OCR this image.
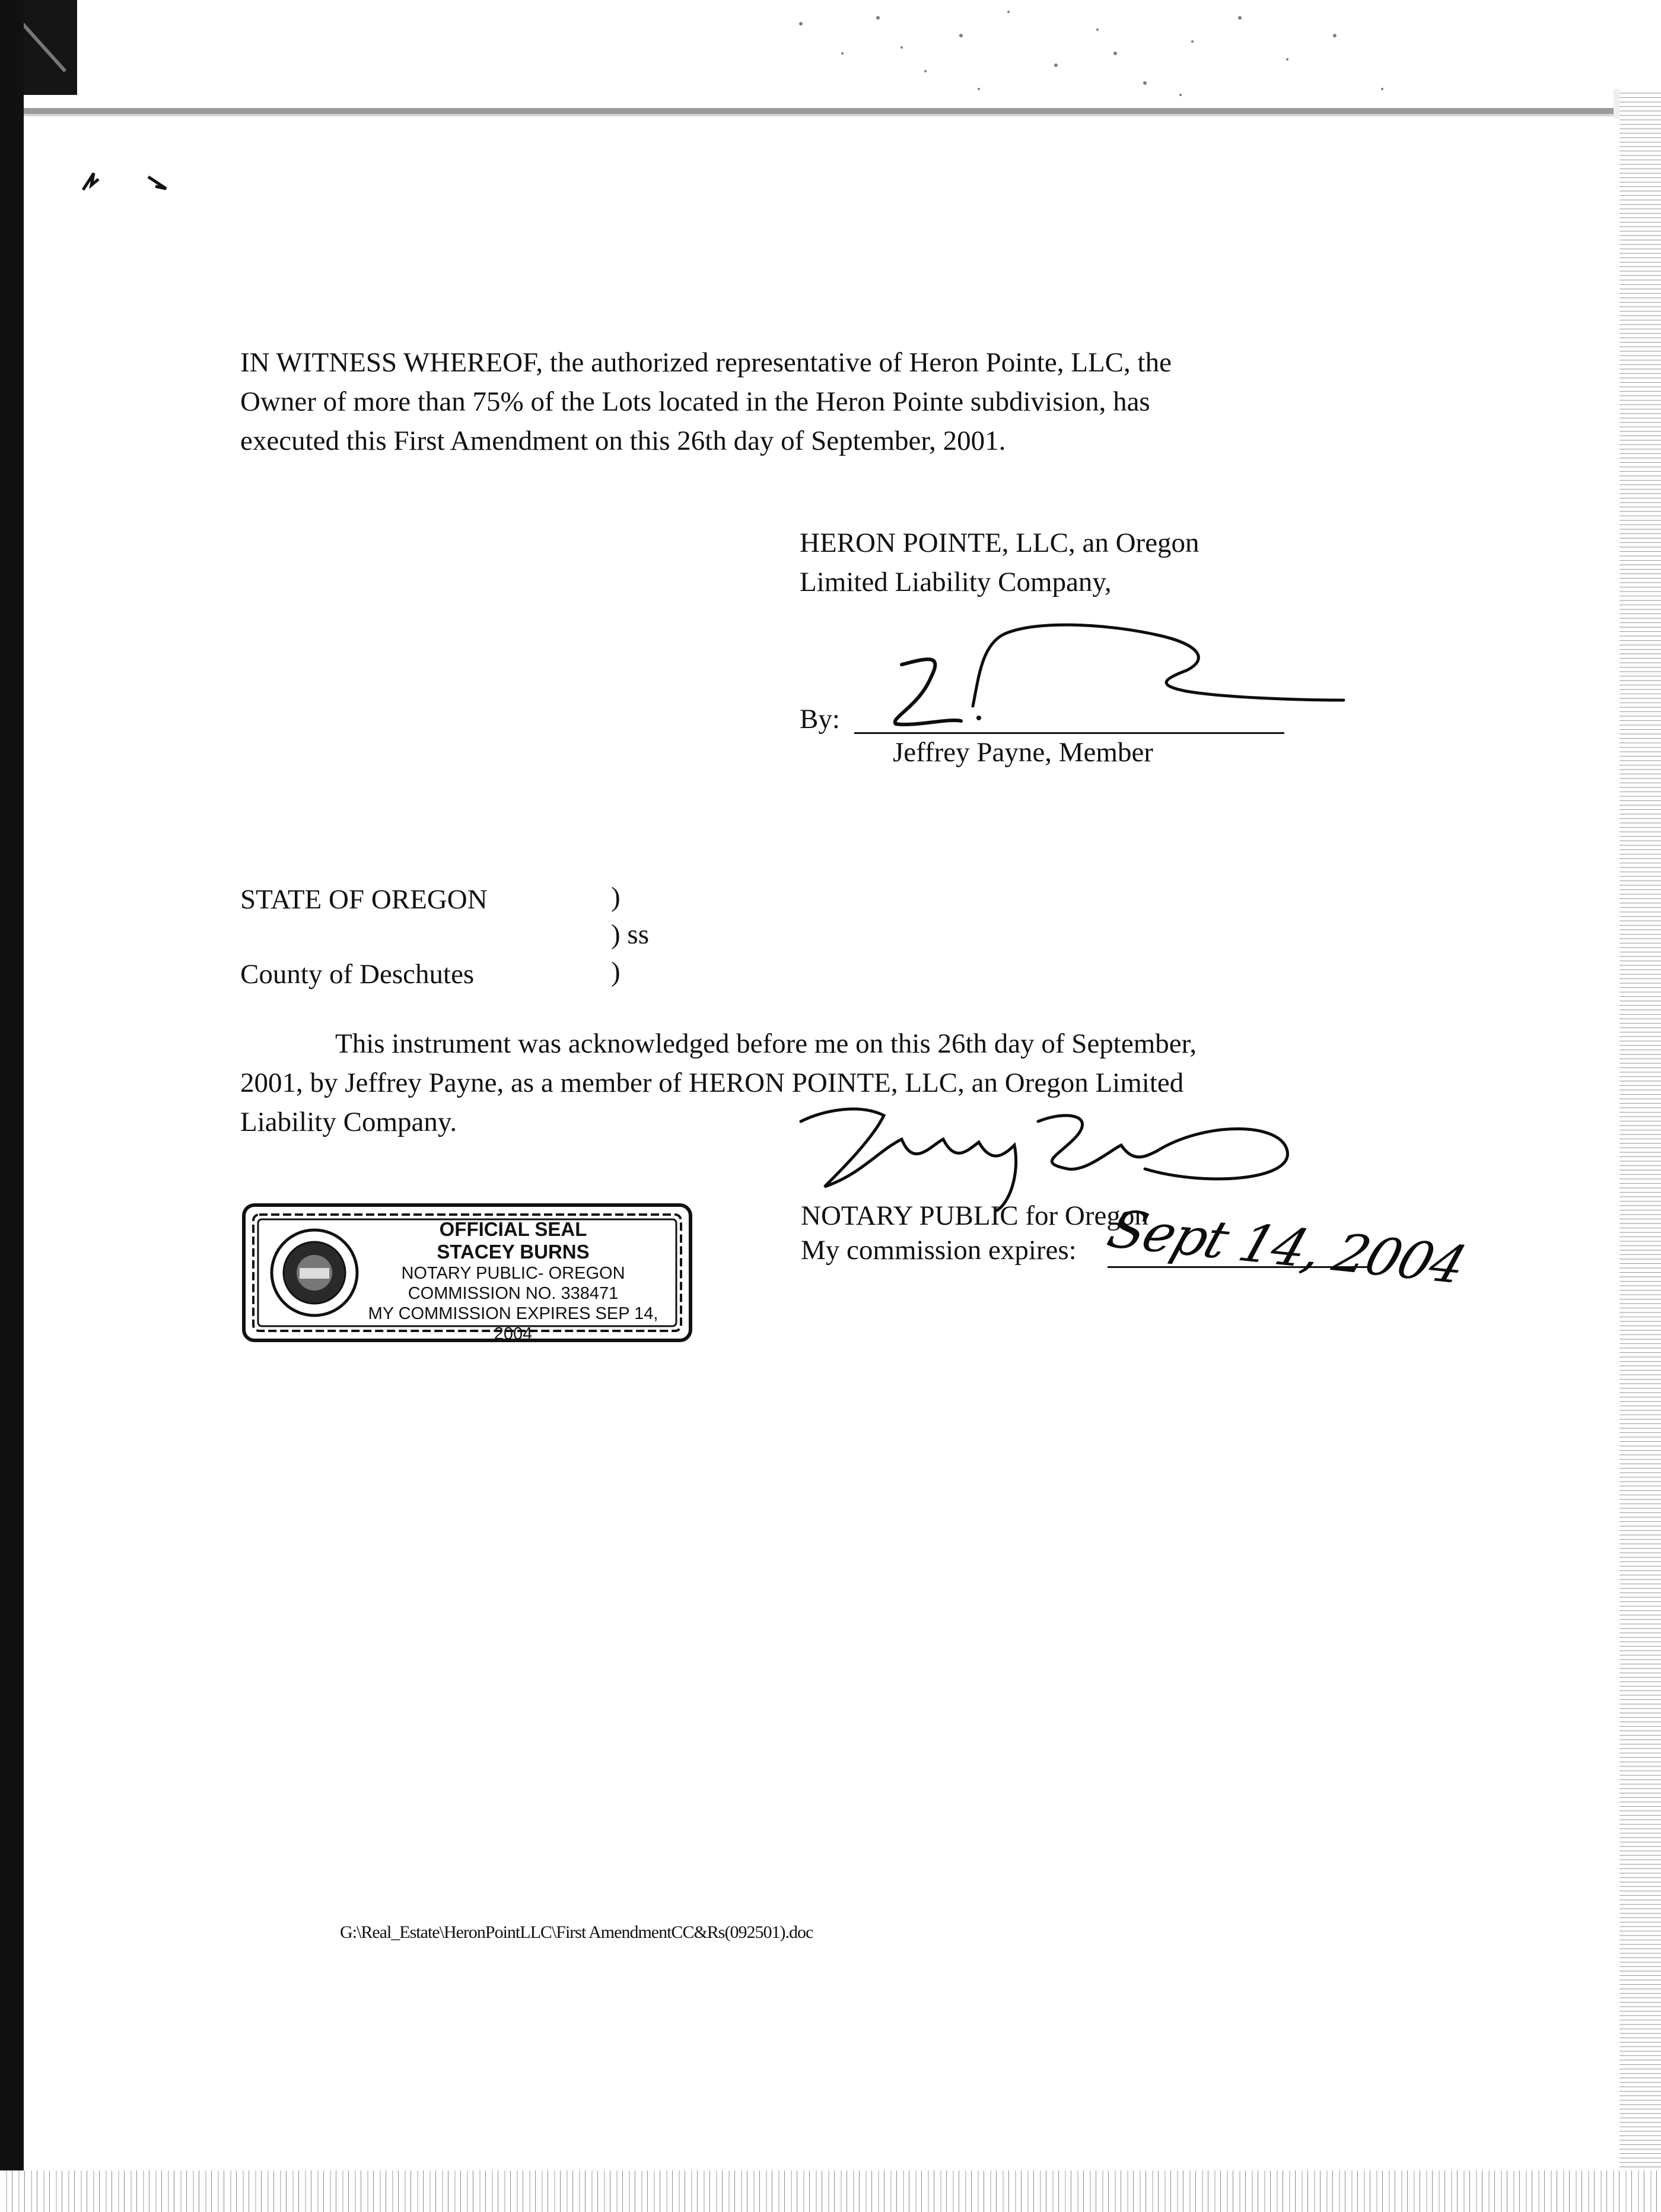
IN WITNESS WHEREOF, the authorized representative of Heron Pointe, LLC, the
Owner of more than 75% of the Lots located in the Heron Pointe subdivision, has
executed this First Amendment on this 26th day of September, 2001.
HERON POINTE, LLC, an Oregon
Limited Liability Company,
By:
Jeffrey Payne, Member
STATE OF OREGON
County of Deschutes
)
) ss
)
This instrument was acknowledged before me on this 26th day of September,
2001, by Jeffrey Payne, as a member of HERON POINTE, LLC, an Oregon Limited
Liability Company.
NOTARY PUBLIC for Oregon
My commission expires: Sept 14, 2004
OFFICIAL SEAL
STACEY BURNS
NOTARY PUBLIC- OREGON
COMMISSION NO. 338471
MY COMMISSION EXPIRES SEP 14, 2004
G:\Real_Estate\HeronPointLLC\First AmendmentCC&Rs(092501).doc
